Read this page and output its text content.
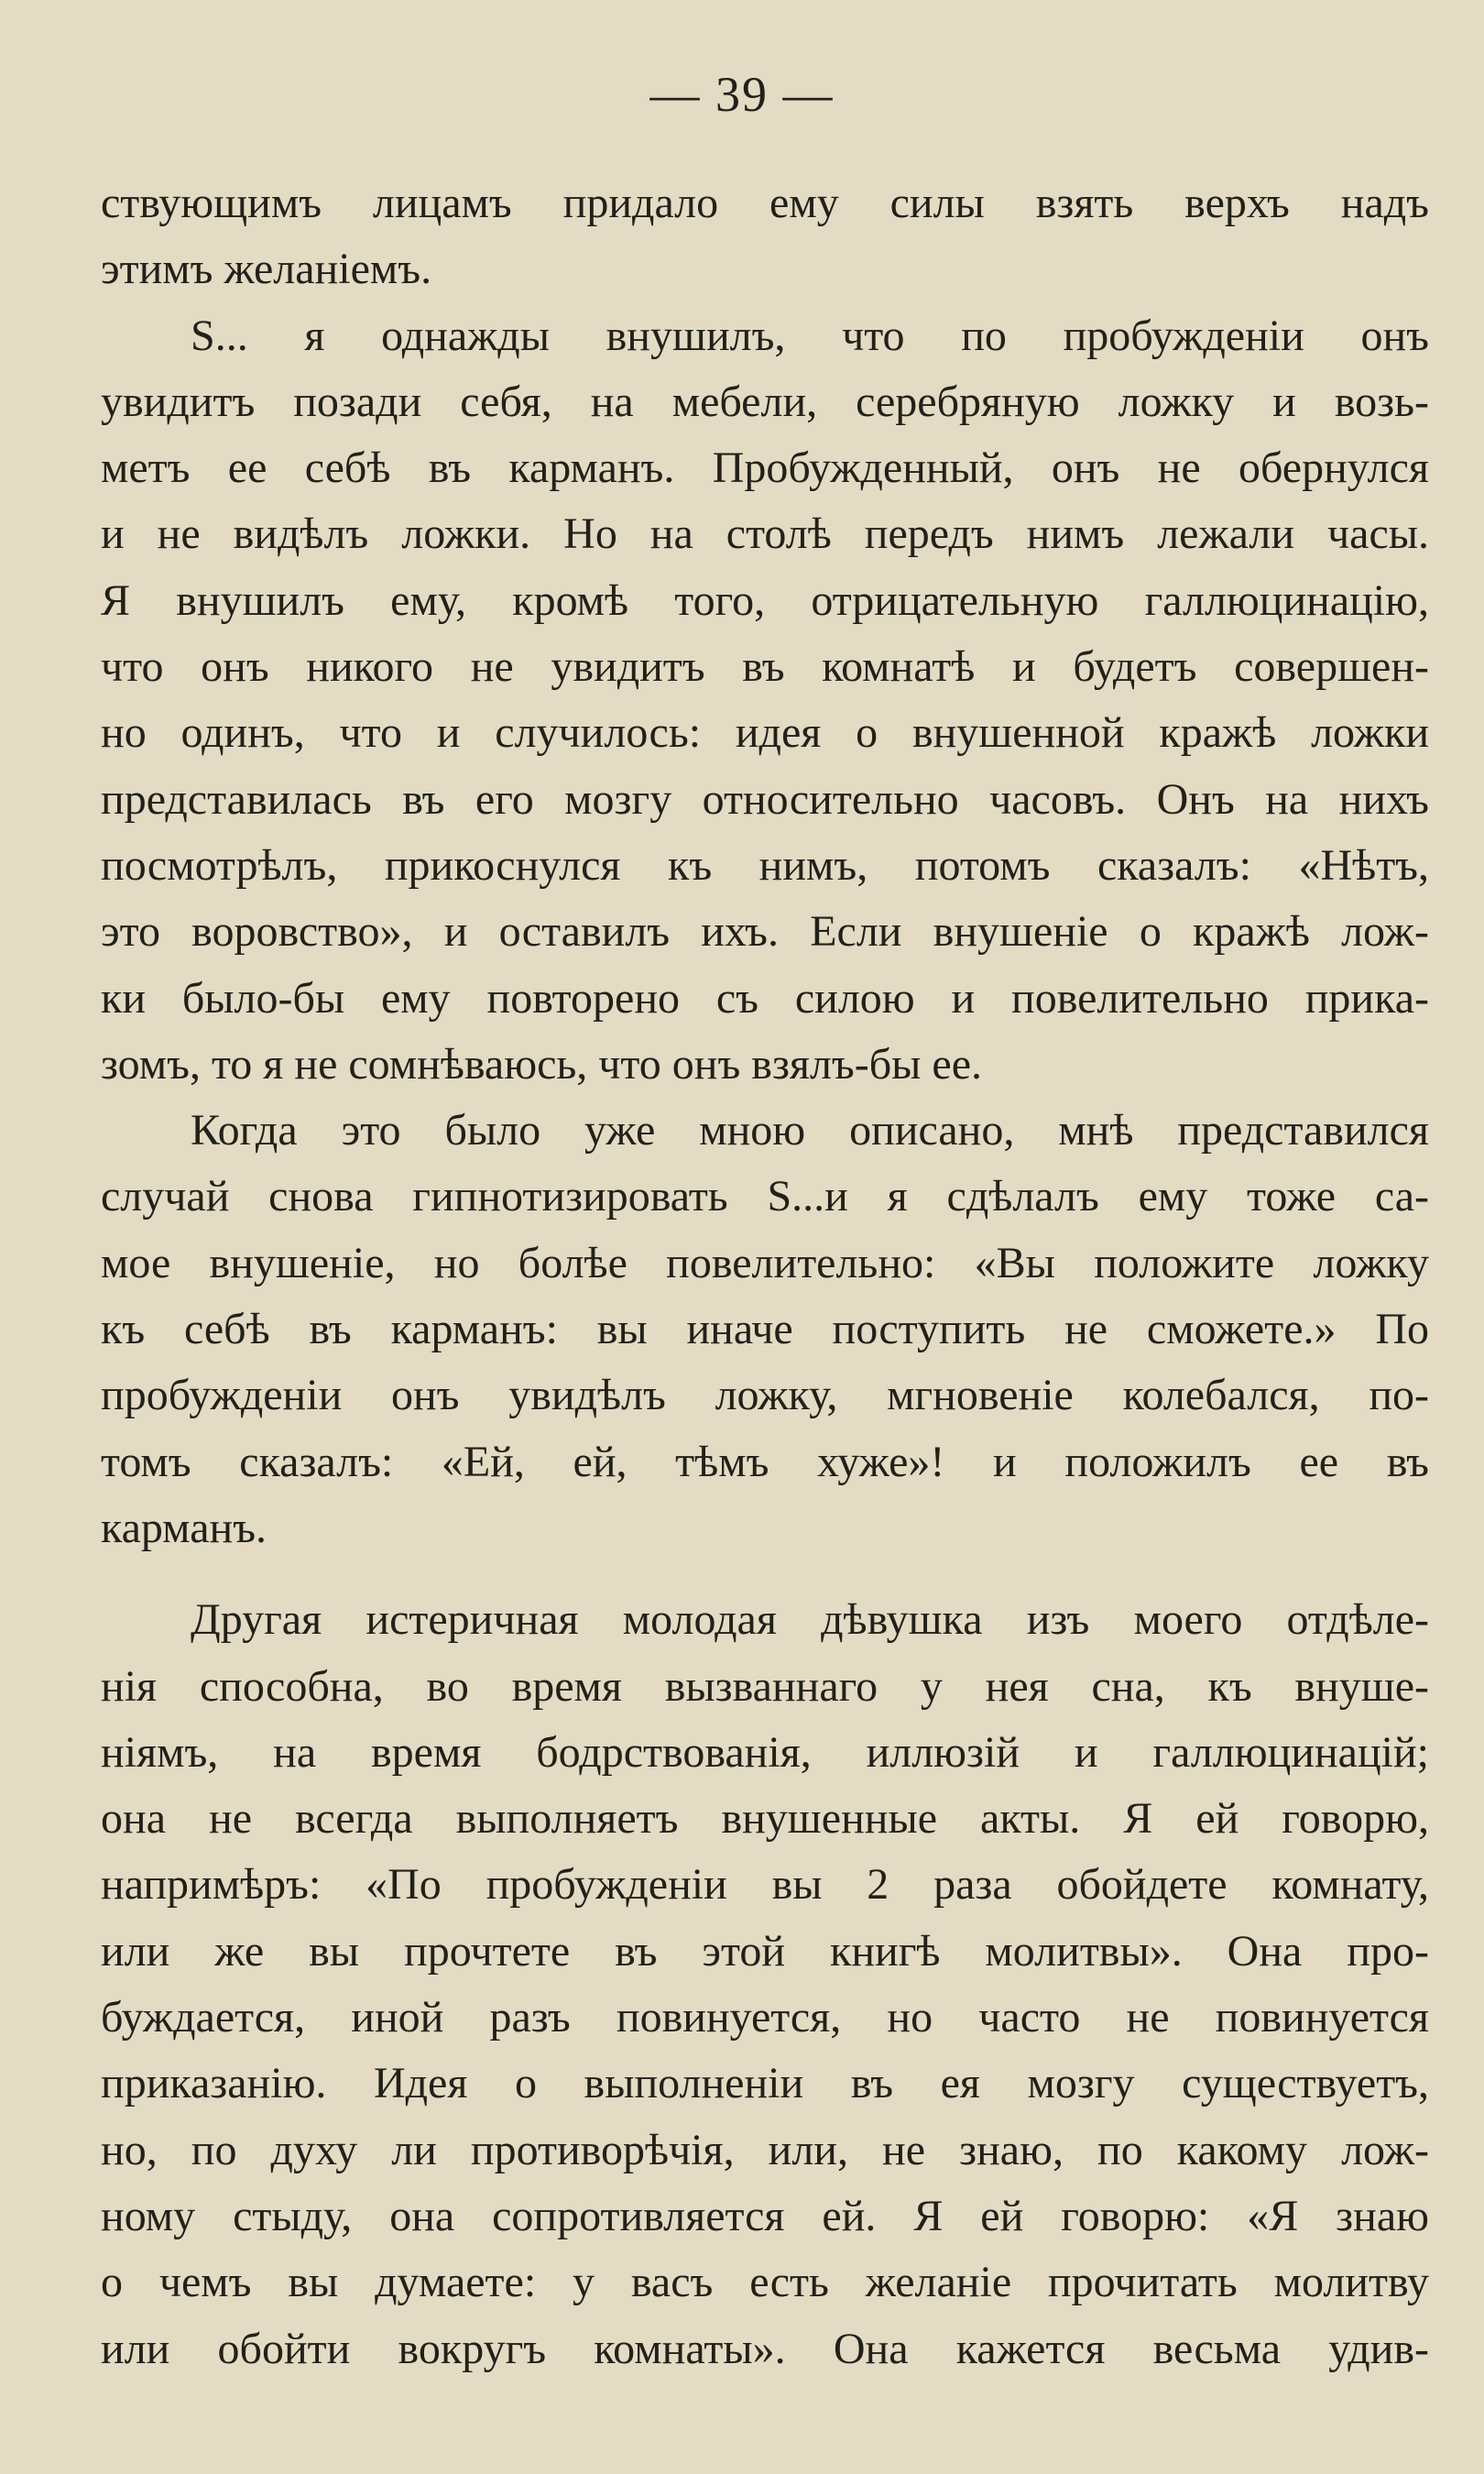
— 39 —
ствующимъ лицамъ придало ему силы взять верхъ надъ
этимъ желаніемъ.
S... я однажды внушилъ, что по пробужденіи онъ
увидитъ позади себя, на мебели, серебряную ложку и возь-
метъ ее себѣ въ карманъ. Пробужденный, онъ не обернулся
и не видѣлъ ложки. Но на столѣ передъ нимъ лежали часы.
Я внушилъ ему, кромѣ того, отрицательную галлюцинацію,
что онъ никого не увидитъ въ комнатѣ и будетъ совершен-
но одинъ, что и случилось: идея о внушенной кражѣ ложки
представилась въ его мозгу относительно часовъ. Онъ на нихъ
посмотрѣлъ, прикоснулся къ нимъ, потомъ сказалъ: «Нѣтъ,
это воровство», и оставилъ ихъ. Если внушеніе о кражѣ лож-
ки было-бы ему повторено съ силою и повелительно прика-
зомъ, то я не сомнѣваюсь, что онъ взялъ-бы ее.
Когда это было уже мною описано, мнѣ представился
случай снова гипнотизировать S...и я сдѣлалъ ему тоже са-
мое внушеніе, но болѣе повелительно: «Вы положите ложку
къ себѣ въ карманъ: вы иначе поступить не сможете.» По
пробужденіи онъ увидѣлъ ложку, мгновеніе колебался, по-
томъ сказалъ: «Ей, ей, тѣмъ хуже»! и положилъ ее въ
карманъ.
Другая истеричная молодая дѣвушка изъ моего отдѣле-
нія способна, во время вызваннаго у нея сна, къ внуше-
ніямъ, на время бодрствованія, иллюзій и галлюцинацій;
она не всегда выполняетъ внушенные акты. Я ей говорю,
напримѣръ: «По пробужденіи вы 2 раза обойдете комнату,
или же вы прочтете въ этой книгѣ молитвы». Она про-
буждается, иной разъ повинуется, но часто не повинуется
приказанію. Идея о выполненіи въ ея мозгу существуетъ,
но, по духу ли противорѣчія, или, не знаю, по какому лож-
ному стыду, она сопротивляется ей. Я ей говорю: «Я знаю
о чемъ вы думаете: у васъ есть желаніе прочитать молитву
или обойти вокругъ комнаты». Она кажется весьма удив-
